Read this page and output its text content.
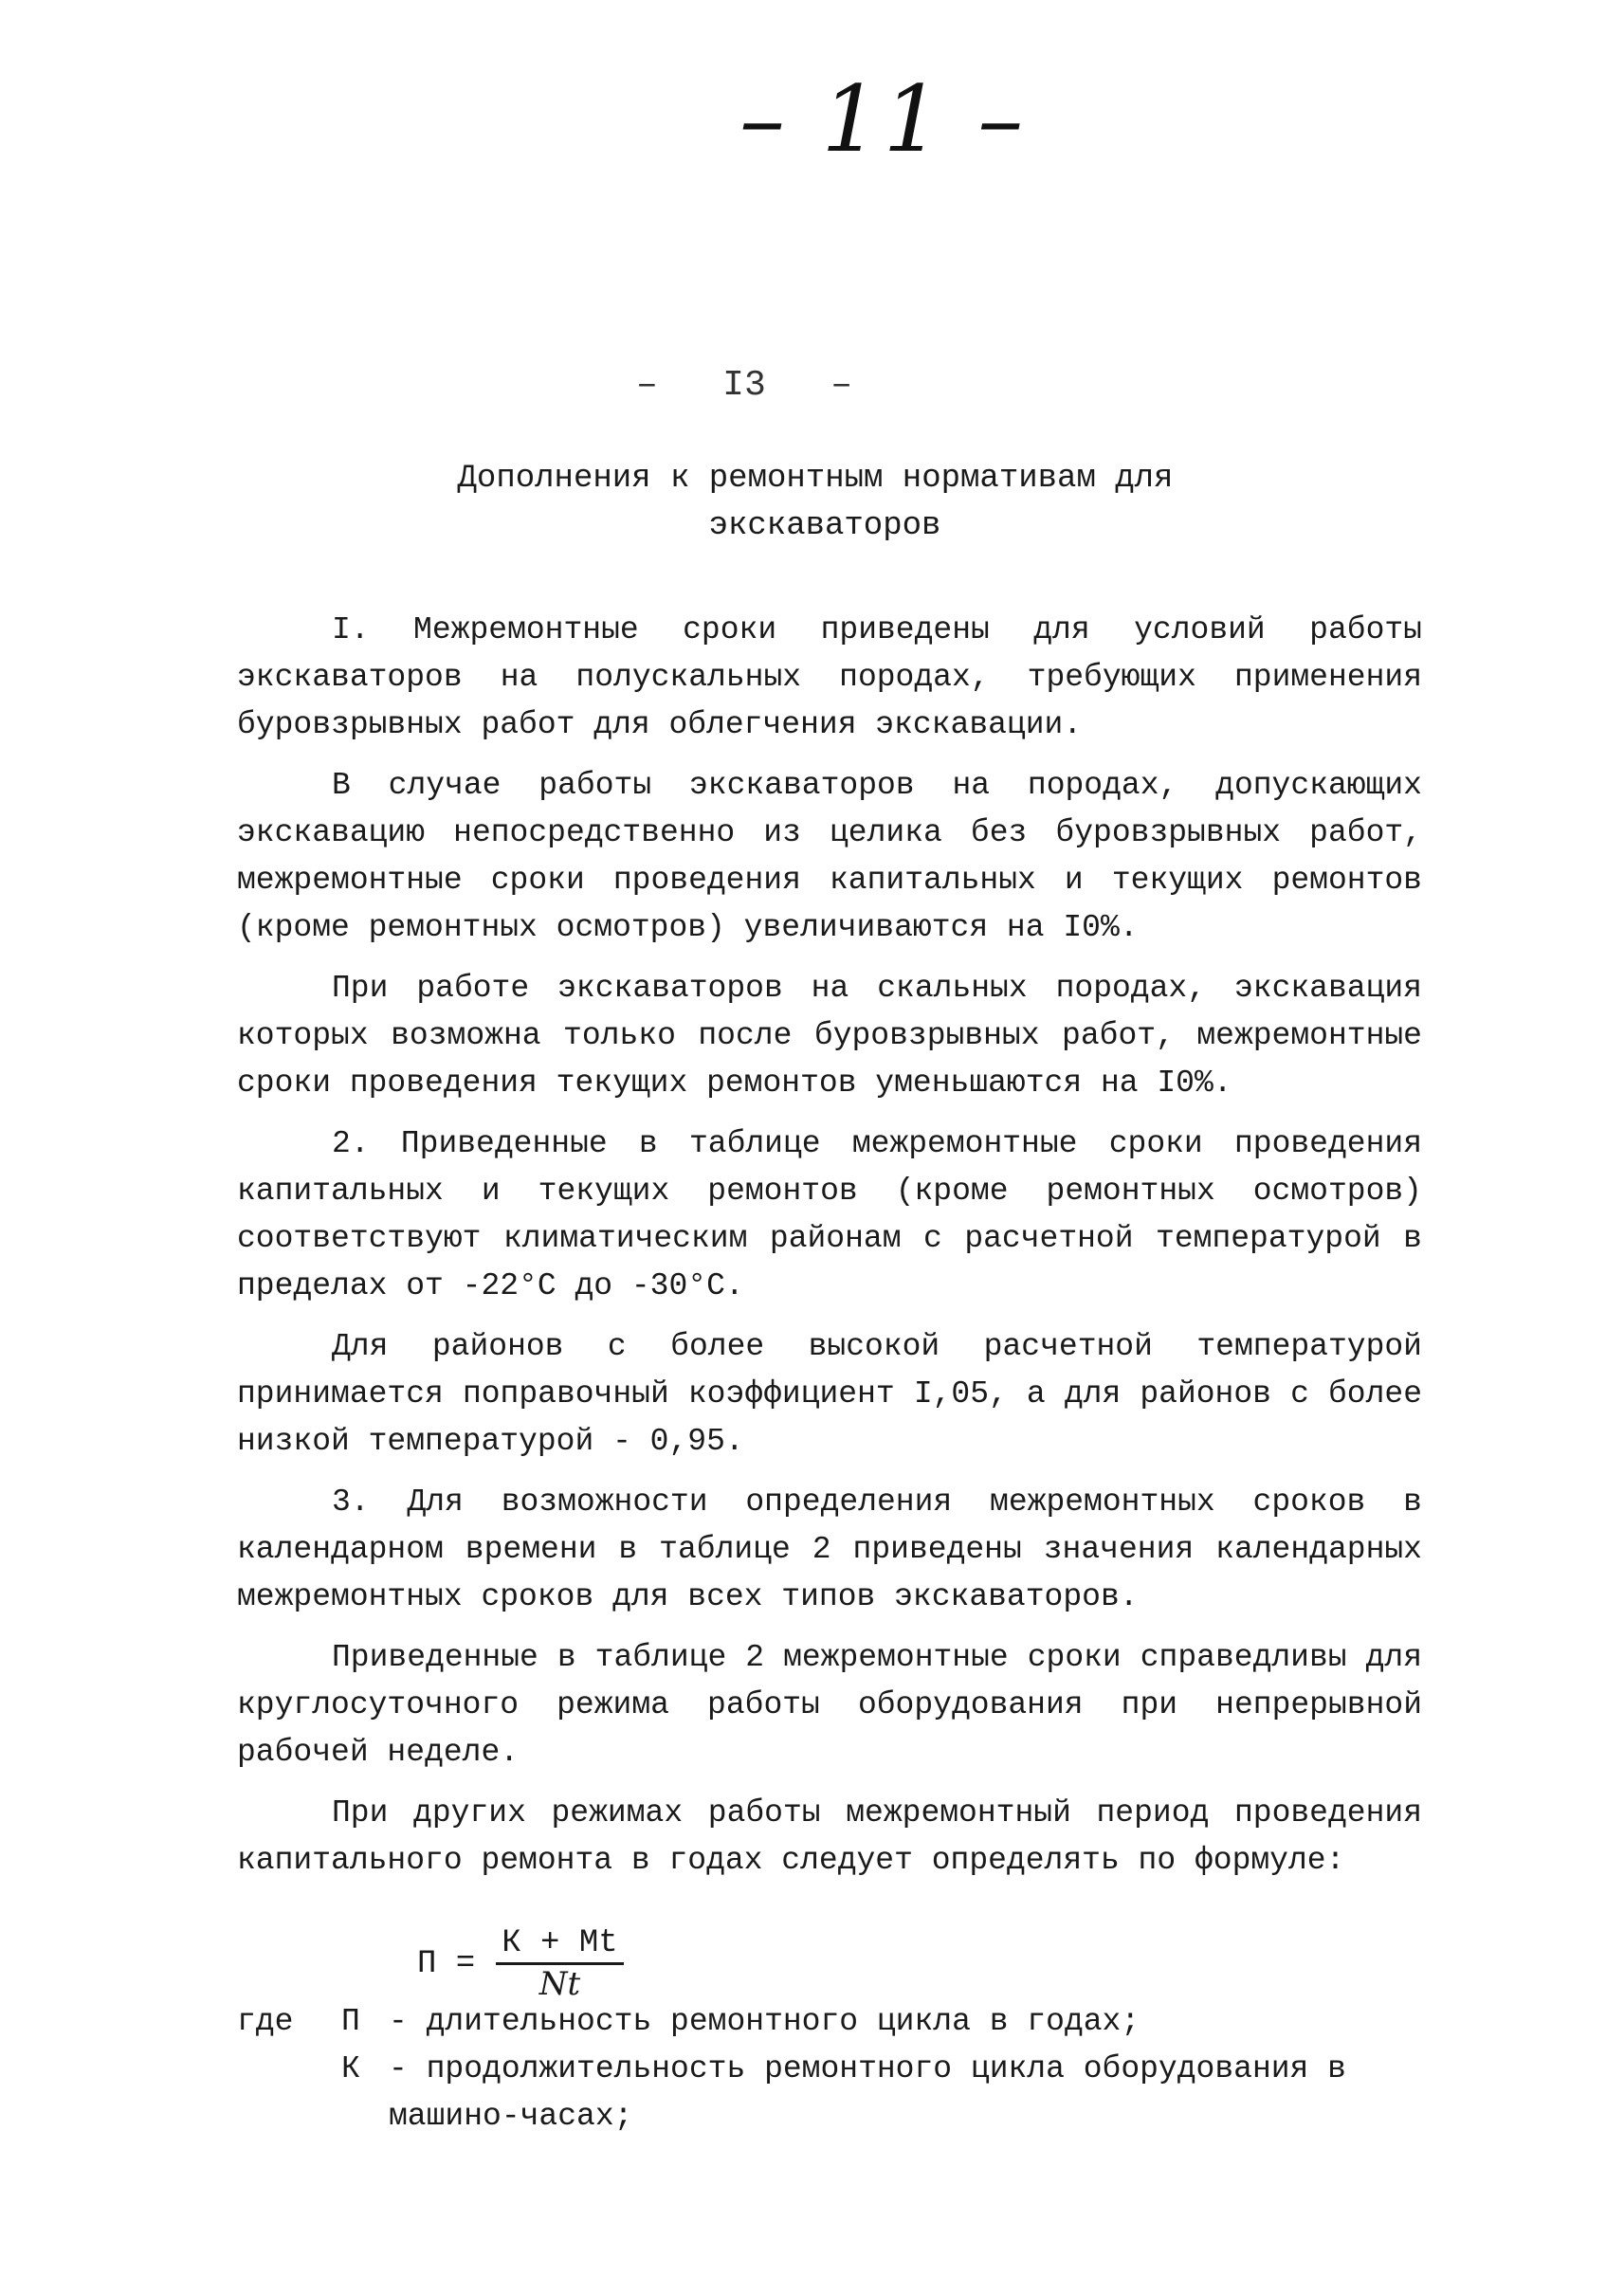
– 11 –
–   I3   –
Дополнения к ремонтным нормативам для

экскаваторов

I. Межремонтные сроки приведены для условий работы экскаваторов на полускальных породах, требующих применения буровзрывных работ для облегчения экскавации.

В случае работы экскаваторов на породах, допускающих экскавацию непосредственно из целика без буровзрывных работ, межремонтные сроки проведения капитальных и текущих ремонтов (кроме ремонтных осмотров) увеличиваются на I0%.

При работе экскаваторов на скальных породах, экскавация которых возможна только после буровзрывных работ, межремонтные сроки проведения текущих ремонтов уменьшаются на I0%.

2. Приведенные в таблице межремонтные сроки проведения капитальных и текущих ремонтов (кроме ремонтных осмотров) соответствуют климатическим районам с расчетной температурой в пределах от -22°С до -30°С.

Для районов с более высокой расчетной температурой принимается поправочный коэффициент I,05, а для районов с более низкой температурой - 0,95.

3. Для возможности определения межремонтных сроков в календарном времени в таблице 2 приведены значения календарных межремонтных сроков для всех типов экскаваторов.

Приведенные в таблице 2 межремонтные сроки справедливы для круглосуточного режима работы оборудования при непрерывной рабочей неделе.

При других режимах работы межремонтный период проведения капитального ремонта в годах следует определять по формуле:

$П = \frac{К + Мt}{Nt}$
где	П - длительность ремонтного цикла в годах;
К - продолжительность ремонтного цикла оборудования в машино-часах;
